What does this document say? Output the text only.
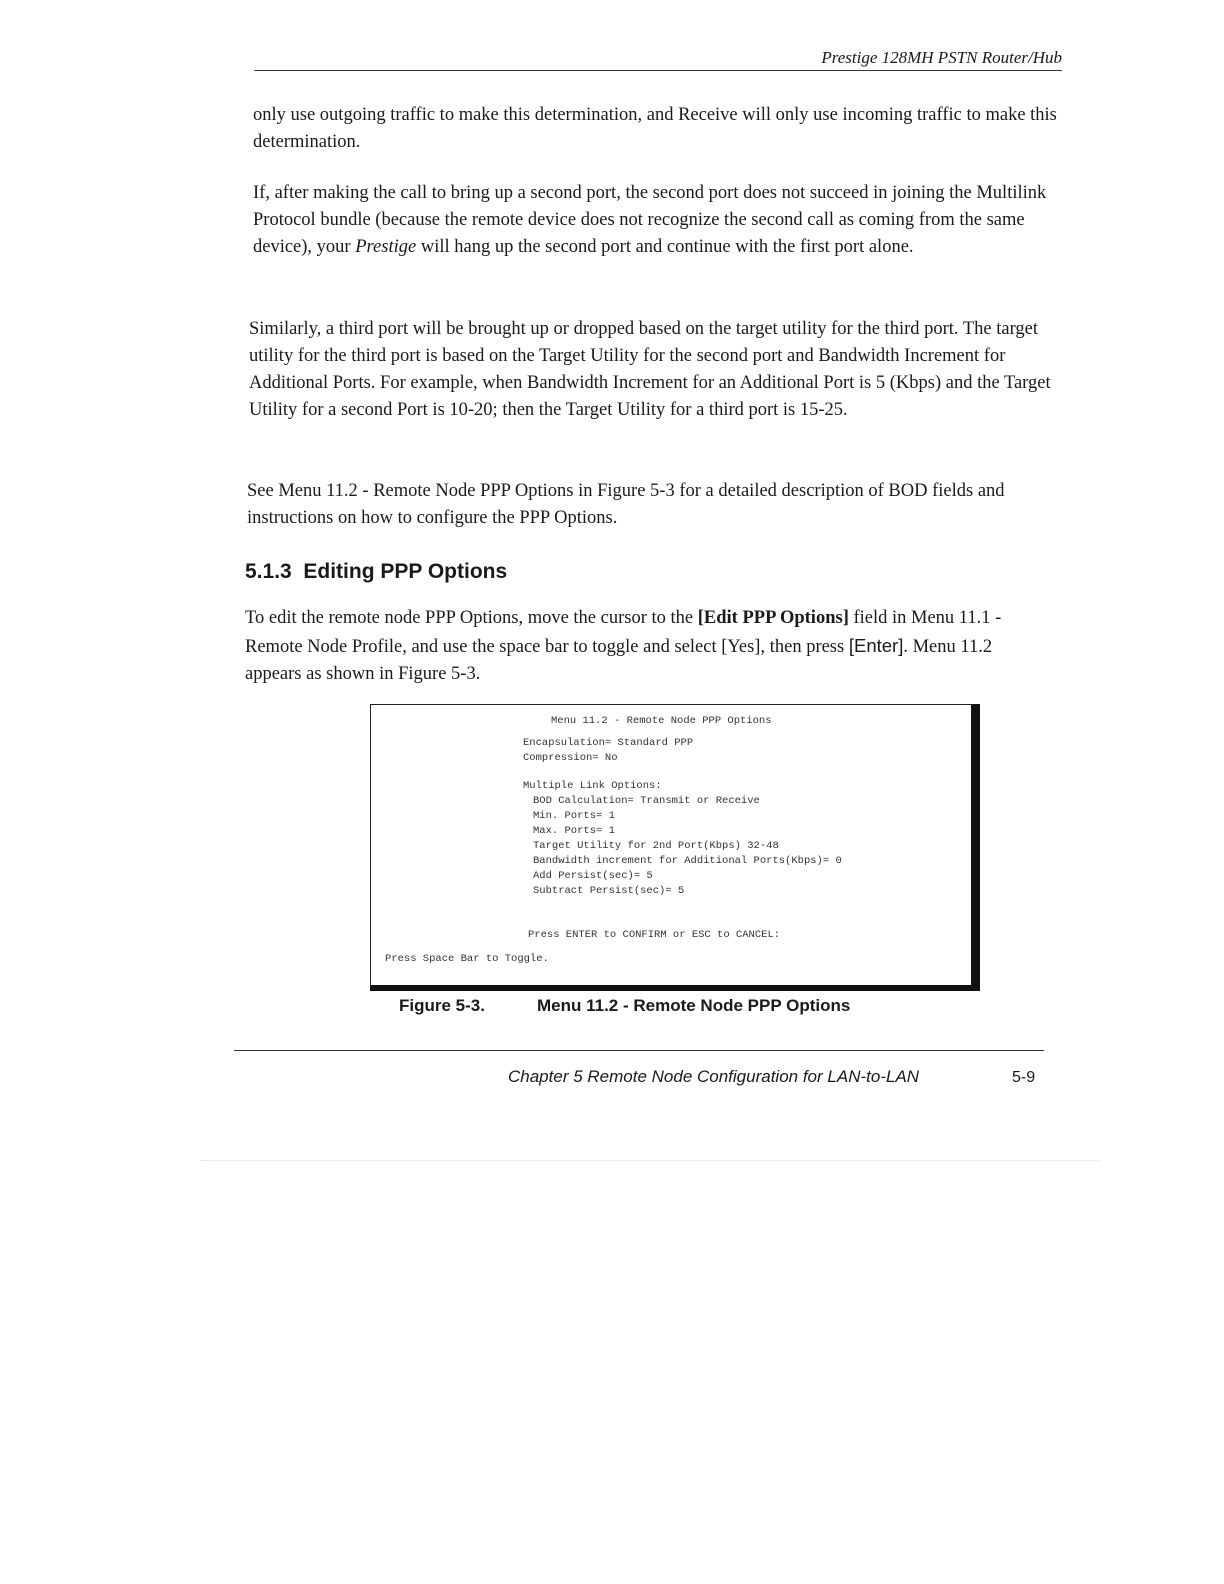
Prestige 128MH PSTN Router/Hub

only use outgoing traffic to make this determination, and Receive will only use incoming traffic to make this determination.

If, after making the call to bring up a second port, the second port does not succeed in joining the Multilink Protocol bundle (because the remote device does not recognize the second call as coming from the same device), your Prestige will hang up the second port and continue with the first port alone.

Similarly, a third port will be brought up or dropped based on the target utility for the third port. The target utility for the third port is based on the Target Utility for the second port and Bandwidth Increment for Additional Ports. For example, when Bandwidth Increment for an Additional Port is 5 (Kbps) and the Target Utility for a second Port is 10-20; then the Target Utility for a third port is 15-25.

See Menu 11.2 - Remote Node PPP Options in Figure 5-3 for a detailed description of BOD fields and instructions on how to configure the PPP Options.

5.1.3 Editing PPP Options

To edit the remote node PPP Options, move the cursor to the [Edit PPP Options] field in Menu 11.1 - Remote Node Profile, and use the space bar to toggle and select [Yes], then press [Enter]. Menu 11.2 appears as shown in Figure 5-3.

Menu 11.2 - Remote Node PPP Options
Encapsulation= Standard PPP
Compression= No
Multiple Link Options:
BOD Calculation= Transmit or Receive
Min. Ports= 1
Max. Ports= 1
Target Utility for 2nd Port(Kbps) 32-48
Bandwidth increment for Additional Ports(Kbps)= 0
Add Persist(sec)= 5
Subtract Persist(sec)= 5
Press ENTER to CONFIRM or ESC to CANCEL:
Press Space Bar to Toggle.

Figure 5-3.	Menu 11.2 - Remote Node PPP Options

Chapter 5 Remote Node Configuration for LAN-to-LAN	5-9
